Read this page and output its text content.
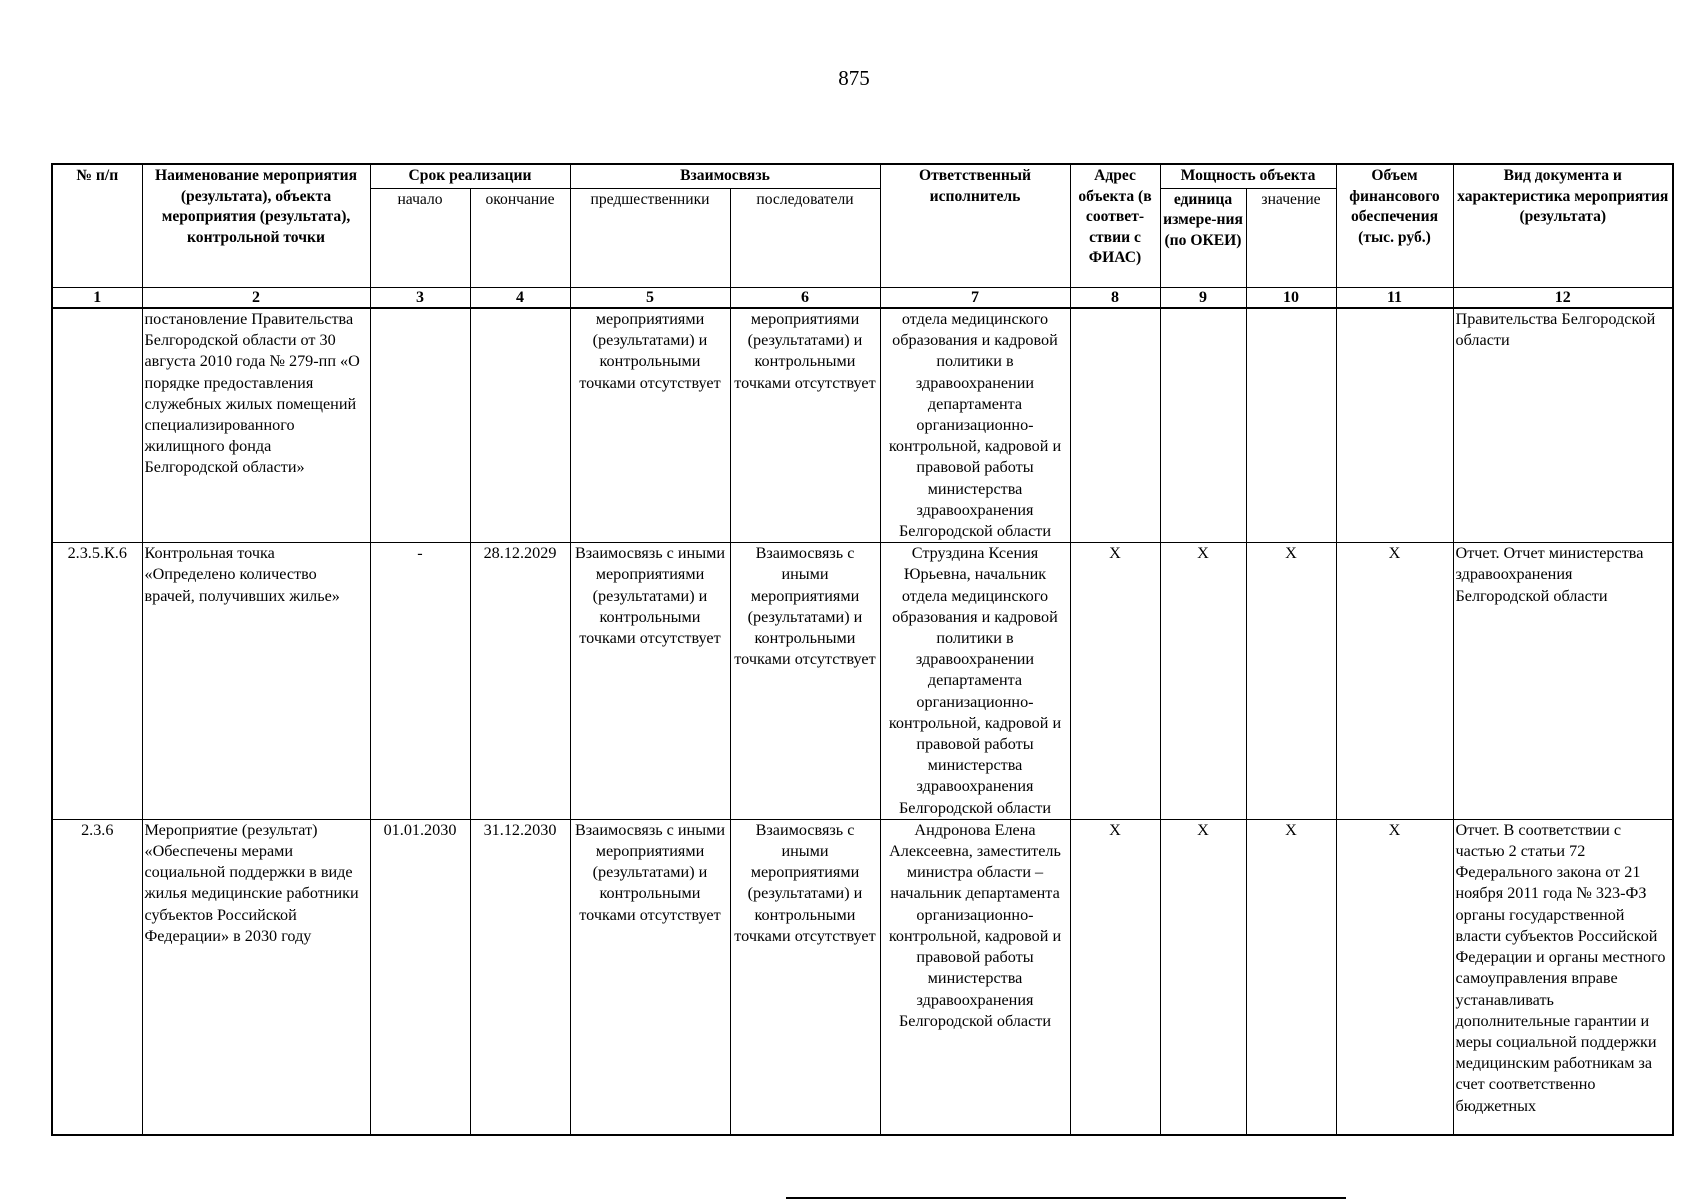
875
№ п/п	Наименование мероприятия (результата), объекта мероприятия (результата), контрольной точки	Срок реализации		Взаимосвязь		Ответственный исполнитель	Адрес объекта (в соответ-ствии с ФИАС)	Мощность объекта		Объем финансового обеспечения (тыс. руб.)	Вид документа и характеристика мероприятия (результата)
		начало	окончание	предшественники	последователи			единица измере-ния (по ОКЕИ)	значение		
1	2	3	4	5	6	7	8	9	10	11	12
	постановление Правительства Белгородской области от 30 августа 2010 года № 279-пп «О порядке предоставления служебных жилых помещений специализированного жилищного фонда Белгородской области»			мероприятиями (результатами) и контрольными точками отсутствует	мероприятиями (результатами) и контрольными точками отсутствует	отдела медицинского образования и кадровой политики в здравоохранении департамента организационно-контрольной, кадровой и правовой работы министерства здравоохранения Белгородской области					Правительства Белгородской области
2.3.5.К.6	Контрольная точка «Определено количество врачей, получивших жилье»	-	28.12.2029	Взаимосвязь с иными мероприятиями (результатами) и контрольными точками отсутствует	Взаимосвязь с иными мероприятиями (результатами) и контрольными точками отсутствует	Струздина Ксения Юрьевна, начальник отдела медицинского образования и кадровой политики в здравоохранении департамента организационно-контрольной, кадровой и правовой работы министерства здравоохранения Белгородской области	Х	Х	Х	Х	Отчет. Отчет министерства здравоохранения Белгородской области
2.3.6	Мероприятие (результат) «Обеспечены мерами социальной поддержки в виде жилья медицинские работники субъектов Российской Федерации» в 2030 году	01.01.2030	31.12.2030	Взаимосвязь с иными мероприятиями (результатами) и контрольными точками отсутствует	Взаимосвязь с иными мероприятиями (результатами) и контрольными точками отсутствует	Андронова Елена Алексеевна, заместитель министра области – начальник департамента организационно-контрольной, кадровой и правовой работы министерства здравоохранения Белгородской области	Х	Х	Х	Х	Отчет. В соответствии с частью 2 статьи 72 Федерального закона от 21 ноября 2011 года № 323-ФЗ органы государственной власти субъектов Российской Федерации и органы местного самоуправления вправе устанавливать дополнительные гарантии и меры социальной поддержки медицинским работникам за счет соответственно бюджетных
